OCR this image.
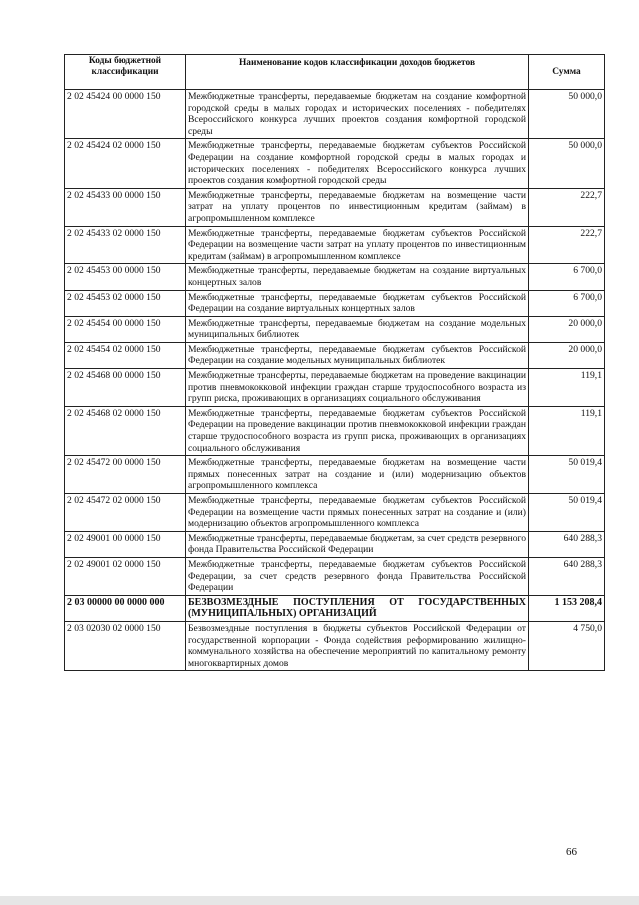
Коды бюджетной классификации	Наименование кодов классификации доходов бюджетов	Сумма
2 02 45424 00 0000 150	Межбюджетные трансферты, передаваемые бюджетам на создание комфортной городской среды в малых городах и исторических поселениях - победителях Всероссийского конкурса лучших проектов создания комфортной городской среды	50 000,0
2 02 45424 02 0000 150	Межбюджетные трансферты, передаваемые бюджетам субъектов Российской Федерации на создание комфортной городской среды в малых городах и исторических поселениях - победителях Всероссийского конкурса лучших проектов создания комфортной городской среды	50 000,0
2 02 45433 00 0000 150	Межбюджетные трансферты, передаваемые бюджетам на возмещение части затрат на уплату процентов по инвестиционным кредитам (займам) в агропромышленном комплексе	222,7
2 02 45433 02 0000 150	Межбюджетные трансферты, передаваемые бюджетам субъектов Российской Федерации на возмещение части затрат на уплату процентов по инвестиционным кредитам (займам) в агропромышленном комплексе	222,7
2 02 45453 00 0000 150	Межбюджетные трансферты, передаваемые бюджетам на создание виртуальных концертных залов	6 700,0
2 02 45453 02 0000 150	Межбюджетные трансферты, передаваемые бюджетам субъектов Российской Федерации на создание виртуальных концертных залов	6 700,0
2 02 45454 00 0000 150	Межбюджетные трансферты, передаваемые бюджетам на создание модельных муниципальных библиотек	20 000,0
2 02 45454 02 0000 150	Межбюджетные трансферты, передаваемые бюджетам субъектов Российской Федерации на создание модельных муниципальных библиотек	20 000,0
2 02 45468 00 0000 150	Межбюджетные трансферты, передаваемые бюджетам на проведение вакцинации против пневмококковой инфекции граждан старше трудоспособного возраста из групп риска, проживающих в организациях социального обслуживания	119,1
2 02 45468 02 0000 150	Межбюджетные трансферты, передаваемые бюджетам субъектов Российской Федерации на проведение вакцинации против пневмококковой инфекции граждан старше трудоспособного возраста из групп риска, проживающих в организациях социального обслуживания	119,1
2 02 45472 00 0000 150	Межбюджетные трансферты, передаваемые бюджетам на возмещение части прямых понесенных затрат на создание и (или) модернизацию объектов агропромышленного комплекса	50 019,4
2 02 45472 02 0000 150	Межбюджетные трансферты, передаваемые бюджетам субъектов Российской Федерации на возмещение части прямых понесенных затрат на создание и (или) модернизацию объектов агропромышленного комплекса	50 019,4
2 02 49001 00 0000 150	Межбюджетные трансферты, передаваемые бюджетам, за счет средств резервного фонда Правительства Российской Федерации	640 288,3
2 02 49001 02 0000 150	Межбюджетные трансферты, передаваемые бюджетам субъектов Российской Федерации, за счет средств резервного фонда Правительства Российской Федерации	640 288,3
2 03 00000 00 0000 000	БЕЗВОЗМЕЗДНЫЕ ПОСТУПЛЕНИЯ ОТ ГОСУДАРСТВЕННЫХ (МУНИЦИПАЛЬНЫХ) ОРГАНИЗАЦИЙ	1 153 208,4
2 03 02030 02 0000 150	Безвозмездные поступления в бюджеты субъектов Российской Федерации от государственной корпорации - Фонда содействия реформированию жилищно-коммунального хозяйства на обеспечение мероприятий по капитальному ремонту многоквартирных домов	4 750,0
66
